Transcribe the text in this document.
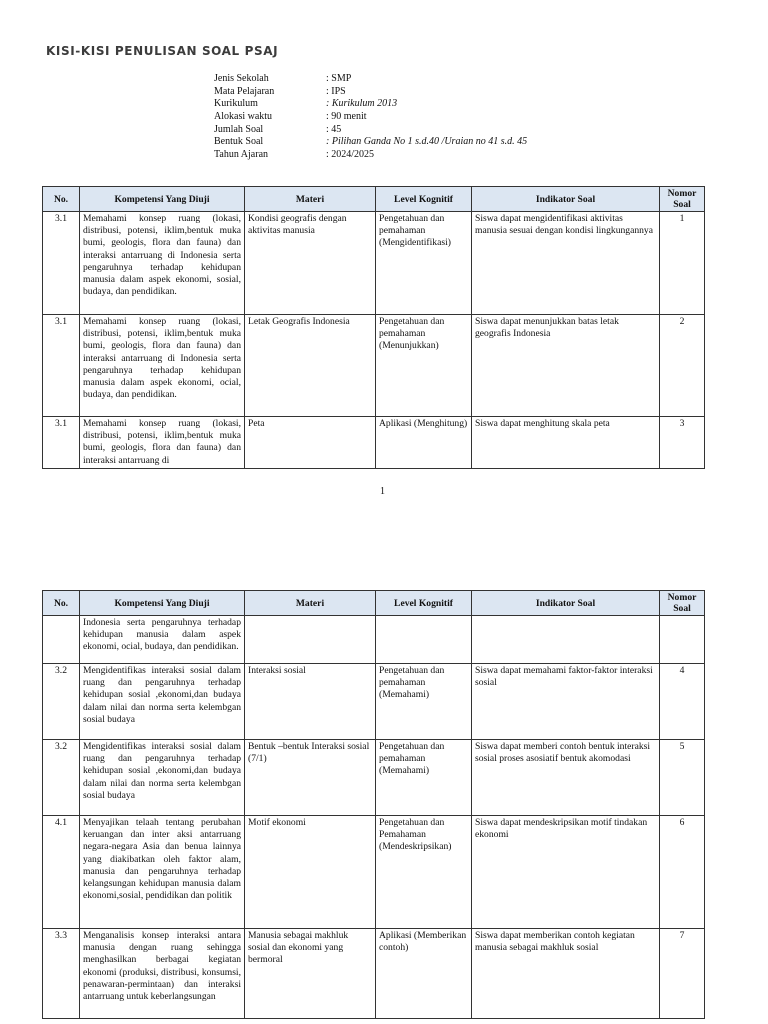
KISI-KISI PENULISAN SOAL PSAJ
Jenis Sekolah	: SMP
Mata Pelajaran	: IPS
Kurikulum	: Kurikulum 2013
Alokasi waktu	: 90 menit
Jumlah Soal	: 45
Bentuk Soal	: Pilihan Ganda No 1 s.d.40 /Uraian no 41 s.d. 45
Tahun Ajaran	: 2024/2025
No.	Kompetensi Yang Diuji	Materi	Level Kognitif	Indikator Soal	Nomor Soal
3.1	Memahami konsep ruang (lokasi, distribusi, potensi, iklim,bentuk muka bumi, geologis, flora dan fauna) dan interaksi antarruang di Indonesia serta pengaruhnya terhadap kehidupan manusia dalam aspek ekonomi, sosial, budaya, dan pendidikan.	Kondisi geografis dengan aktivitas manusia	Pengetahuan dan pemahaman (Mengidentifikasi)	Siswa dapat mengidentifikasi aktivitas manusia sesuai dengan kondisi lingkungannya	1
3.1	Memahami konsep ruang (lokasi, distribusi, potensi, iklim,bentuk muka bumi, geologis, flora dan fauna) dan interaksi antarruang di Indonesia serta pengaruhnya terhadap kehidupan manusia dalam aspek ekonomi, ocial, budaya, dan pendidikan.	Letak Geografis Indonesia	Pengetahuan dan pemahaman (Menunjukkan)	Siswa dapat menunjukkan batas letak geografis Indonesia	2
3.1	Memahami konsep ruang (lokasi, distribusi, potensi, iklim,bentuk muka bumi, geologis, flora dan fauna) dan interaksi antarruang di	Peta	Aplikasi (Menghitung)	Siswa dapat menghitung skala peta	3
1
No.	Kompetensi Yang Diuji	Materi	Level Kognitif	Indikator Soal	Nomor Soal
	Indonesia serta pengaruhnya terhadap kehidupan manusia dalam aspek ekonomi, ocial, budaya, dan pendidikan.				
3.2	Mengidentifikas interaksi sosial dalam ruang dan pengaruhnya terhadap kehidupan sosial ,ekonomi,dan budaya dalam nilai dan norma serta kelembgan sosial budaya	Interaksi sosial	Pengetahuan dan pemahaman (Memahami)	Siswa dapat memahami faktor-faktor interaksi sosial	4
3.2	Mengidentifikas interaksi sosial dalam ruang dan pengaruhnya terhadap kehidupan sosial ,ekonomi,dan budaya dalam nilai dan norma serta kelembgan sosial budaya	Bentuk –bentuk Interaksi sosial (7/1)	Pengetahuan dan pemahaman (Memahami)	Siswa dapat memberi contoh bentuk interaksi sosial proses asosiatif bentuk akomodasi	5
4.1	Menyajikan telaah tentang perubahan keruangan dan inter aksi antarruang negara-negara Asia dan benua lainnya yang diakibatkan oleh faktor alam, manusia dan pengaruhnya terhadap kelangsungan kehidupan manusia dalam ekonomi,sosial, pendidikan dan politik	Motif ekonomi	Pengetahuan dan Pemahaman (Mendeskripsikan)	Siswa dapat mendeskripsikan motif tindakan ekonomi	6
3.3	Menganalisis konsep interaksi antara manusia dengan ruang sehingga menghasilkan berbagai kegiatan ekonomi (produksi, distribusi, konsumsi, penawaran-permintaan) dan interaksi antarruang untuk keberlangsungan	Manusia sebagai makhluk sosial dan ekonomi yang bermoral	Aplikasi (Memberikan contoh)	Siswa dapat memberikan contoh kegiatan manusia sebagai makhluk sosial	7
